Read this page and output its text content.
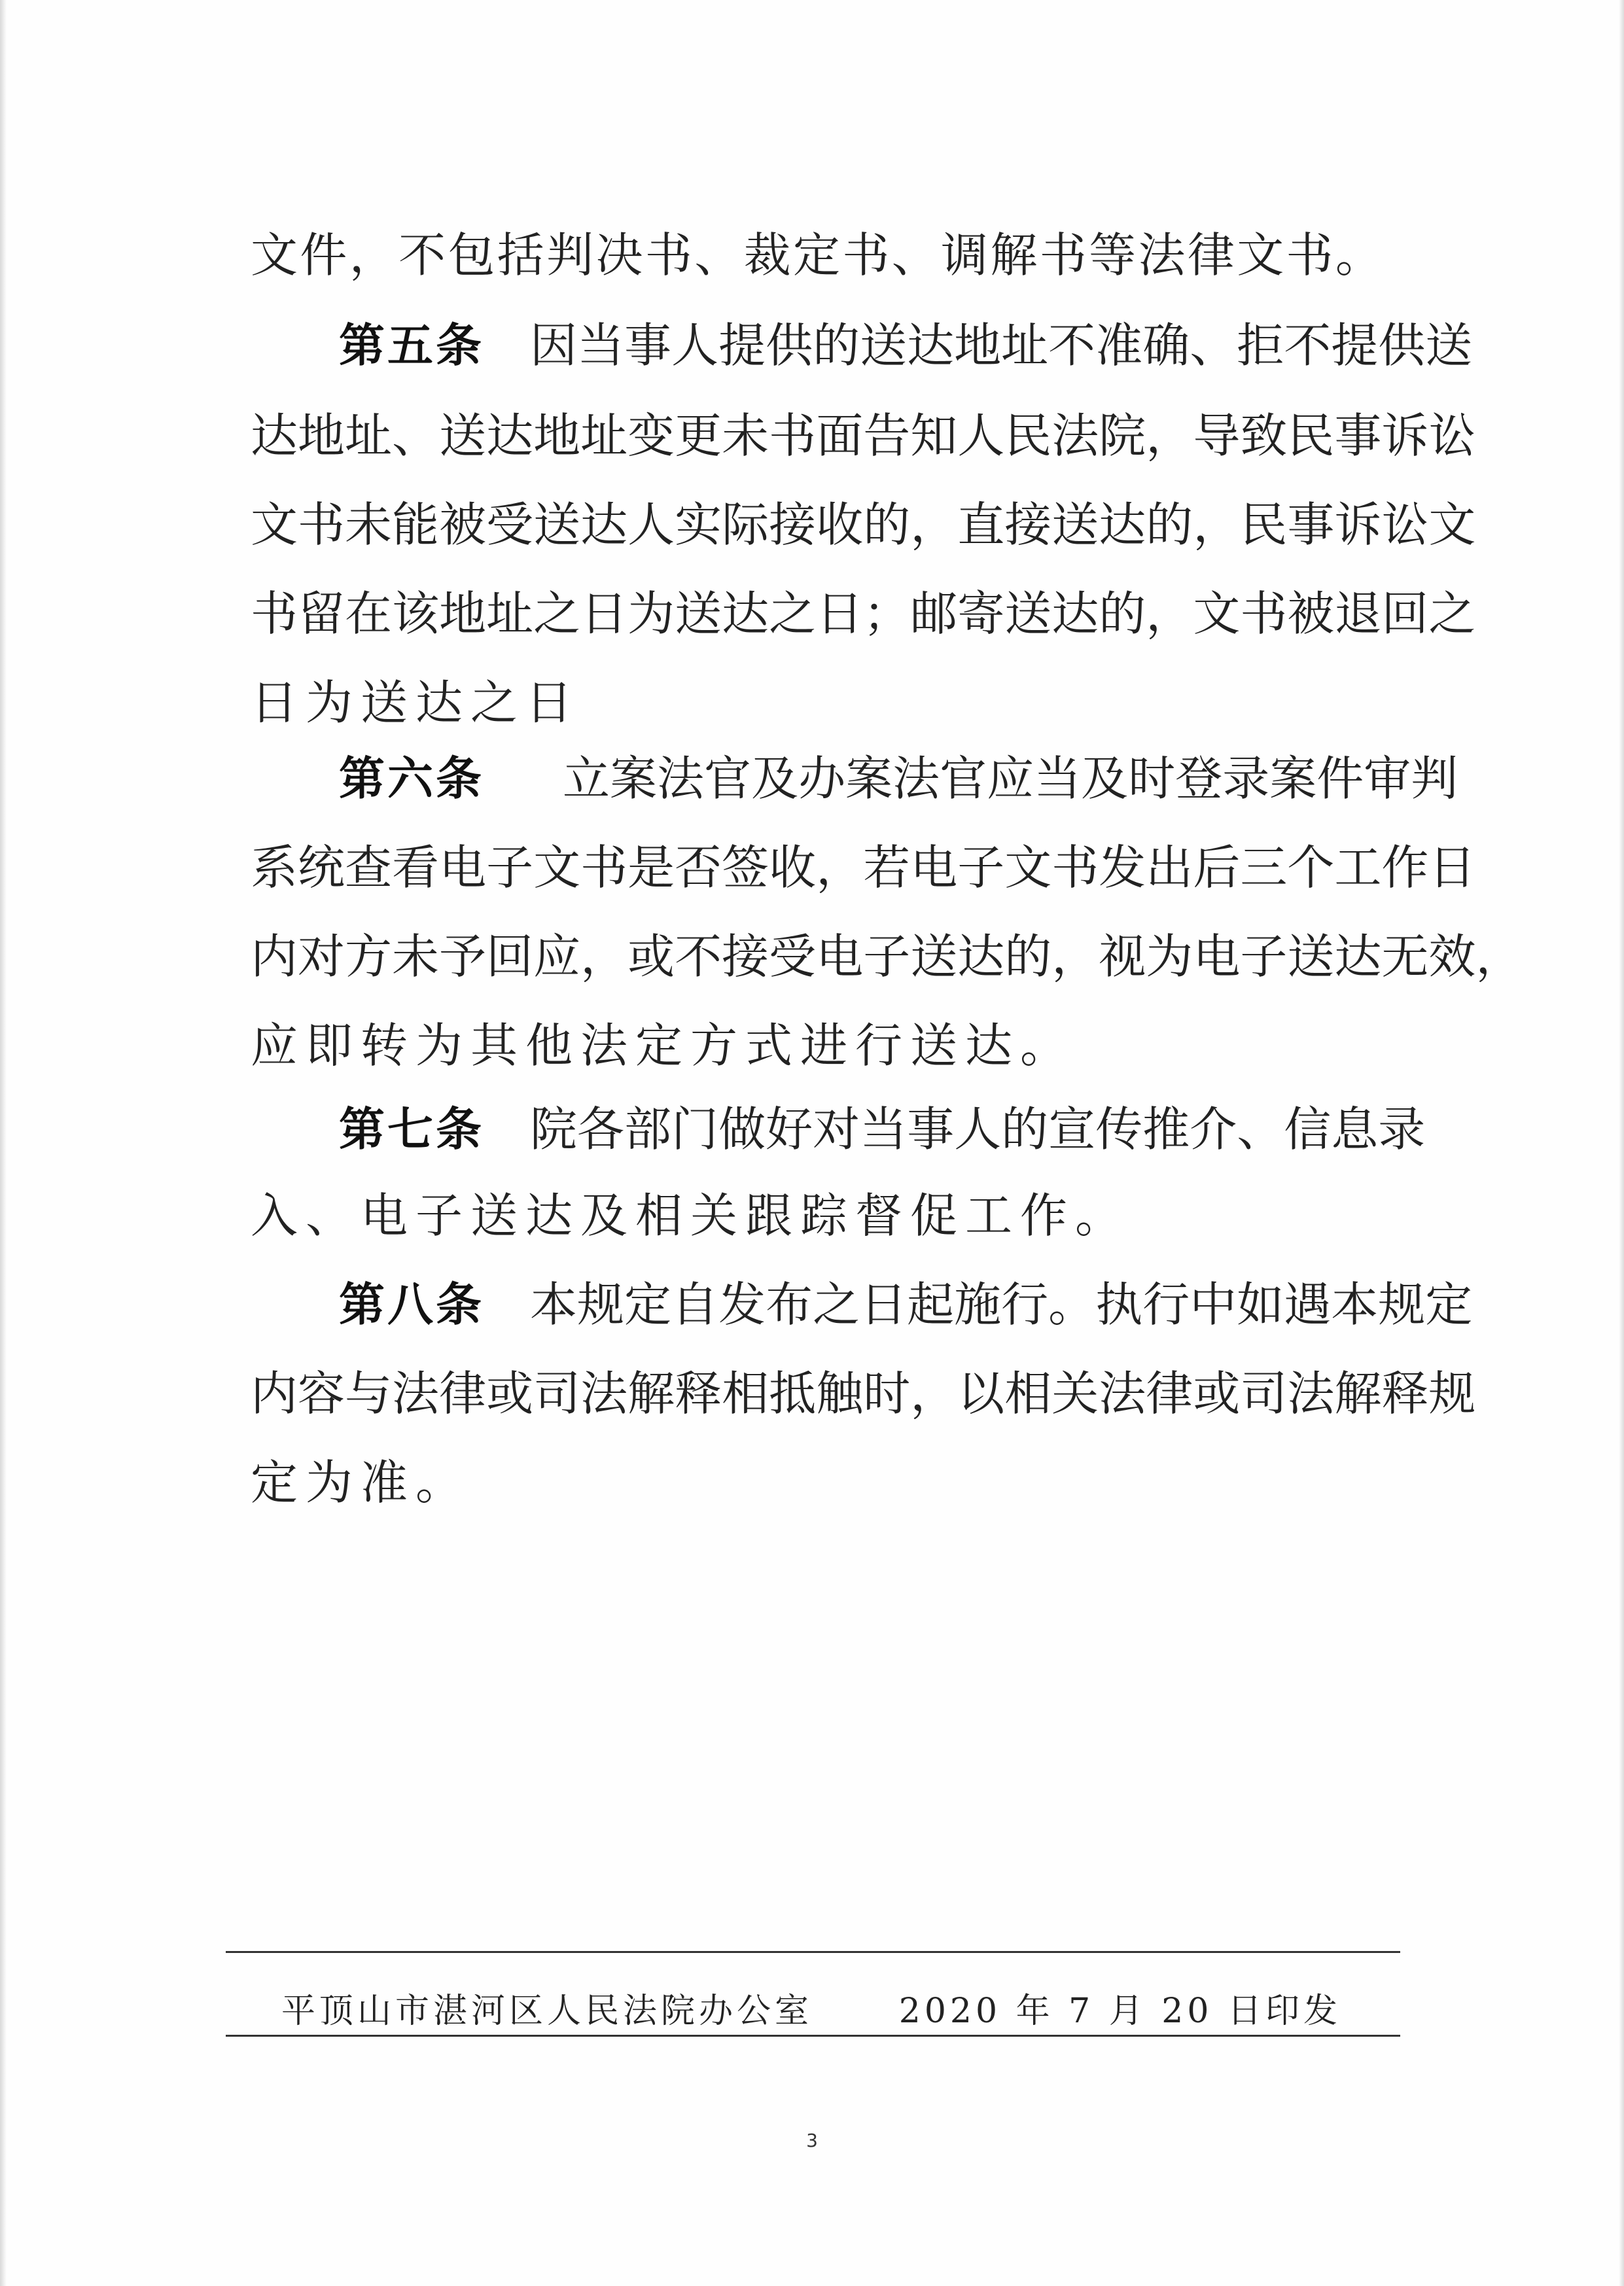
文 件 ， 不 包 括 判 决 书 、 裁 定 书 、 调 解 书 等 法 律 文 书 。
第五条 因 当 事 人 提 供 的 送 达 地 址 不 准 确 、 拒 不 提 供 送
达 地 址 、 送 达 地 址 变 更 未 书 面 告 知 人 民 法 院 ， 导 致 民 事 诉 讼
文 书 未 能 被 受 送 达 人 实 际 接 收 的 ， 直 接 送 达 的 ， 民 事 诉 讼 文
书 留 在 该 地 址 之 日 为 送 达 之 日 ； 邮 寄 送 达 的 ， 文 书 被 退 回 之
日为送达之日
第六条 立 案 法 官 及 办 案 法 官 应 当 及 时 登 录 案 件 审 判
系 统 查 看 电 子 文 书 是 否 签 收 ， 若 电 子 文 书 发 出 后 三 个 工 作 日
内 对 方 未 予 回 应 ， 或 不 接 受 电 子 送 达 的 ， 视 为 电 子 送 达 无 效 ，
应即转为其他法定方式进行送达。
第七条 院 各 部 门 做 好 对 当 事 人 的 宣 传 推 介 、 信 息 录
入、电子送达及相关跟踪督促工作。
第八条 本 规 定 自 发 布 之 日 起 施 行 。 执 行 中 如 遇 本 规 定
内 容 与 法 律 或 司 法 解 释 相 抵 触 时 ， 以 相 关 法 律 或 司 法 解 释 规
定为准。
平顶山市湛河区人民法院办公室	2020 年 7 月 20 日印发
3
